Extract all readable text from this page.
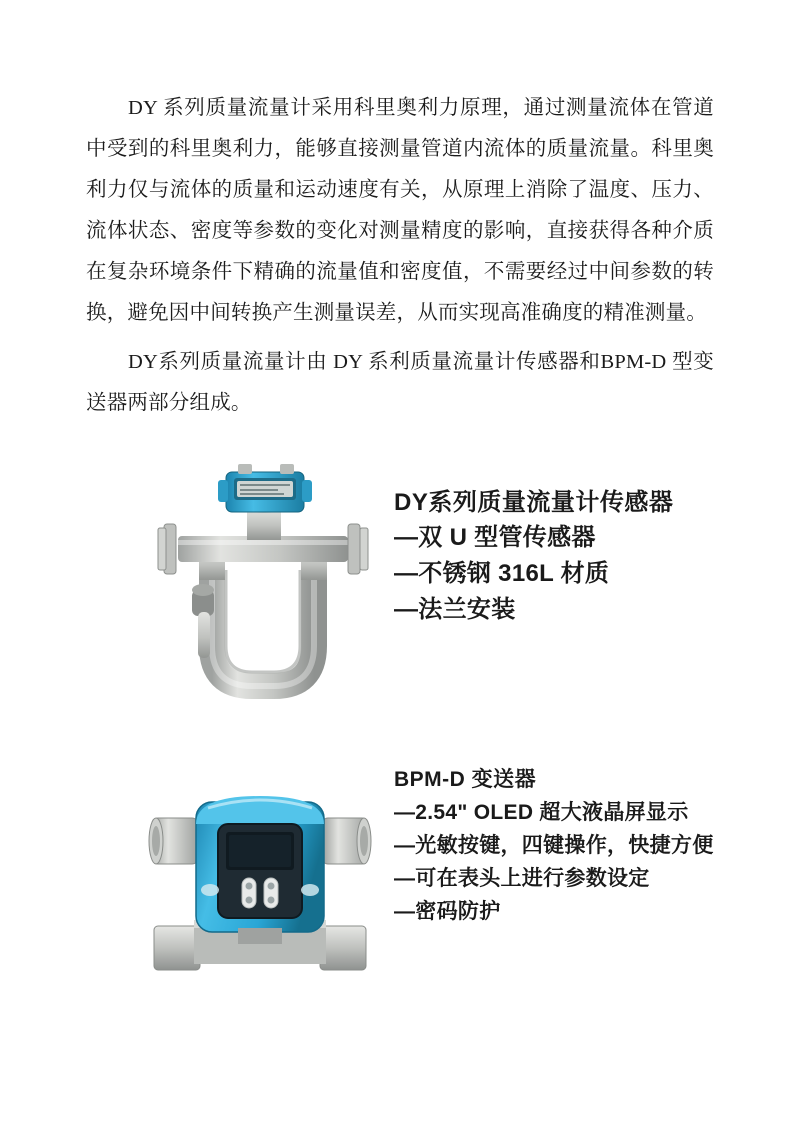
DY 系列质量流量计采用科里奥利力原理，通过测量流体在管道中受到的科里奥利力，能够直接测量管道内流体的质量流量。科里奥利力仅与流体的质量和运动速度有关，从原理上消除了温度、压力、流体状态、密度等参数的变化对测量精度的影响，直接获得各种介质在复杂环境条件下精确的流量值和密度值，不需要经过中间参数的转换，避免因中间转换产生测量误差，从而实现高准确度的精准测量。

DY系列质量流量计由 DY 系利质量流量计传感器和BPM-D 型变送器两部分组成。

DY系列质量流量计传感器
—双 U 型管传感器
—不锈钢 316L 材质
—法兰安装
BPM-D 变送器
—2.54" OLED 超大液晶屏显示
—光敏按键，四键操作，快捷方便
—可在表头上进行参数设定
—密码防护
